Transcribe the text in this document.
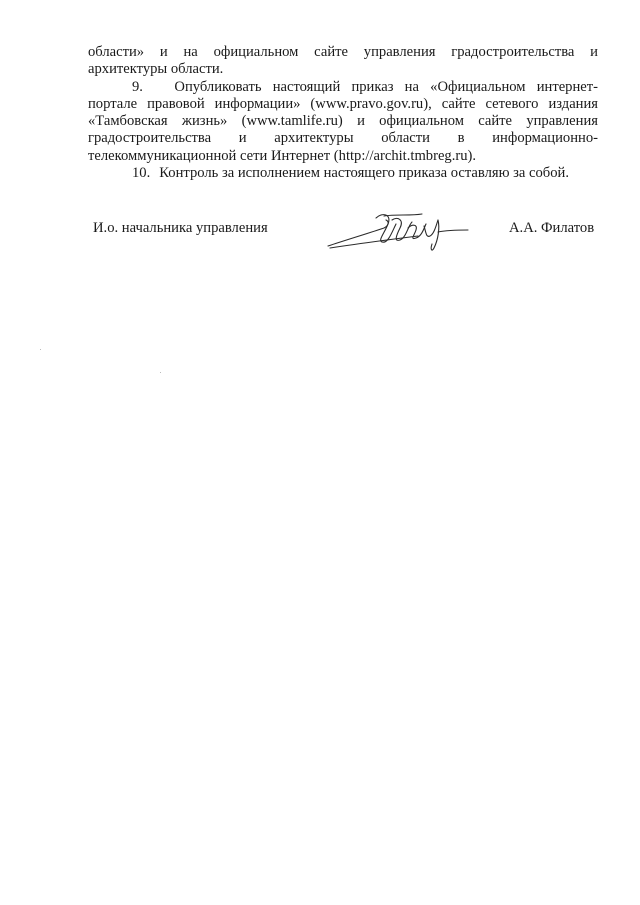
области» и на официальном сайте управления градостроительства и
архитектуры области.
9. Опубликовать настоящий приказ на «Официальном интернет-
портале правовой информации» (www.pravo.gov.ru), сайте сетевого издания
«Тамбовская жизнь» (www.tamlife.ru) и официальном сайте управления
градостроительства и архитектуры области в информационно-
телекоммуникационной сети Интернет (http://archit.tmbreg.ru).
10. Контроль за исполнением настоящего приказа оставляю за собой.
И.о. начальника управления	А.А. Филатов
